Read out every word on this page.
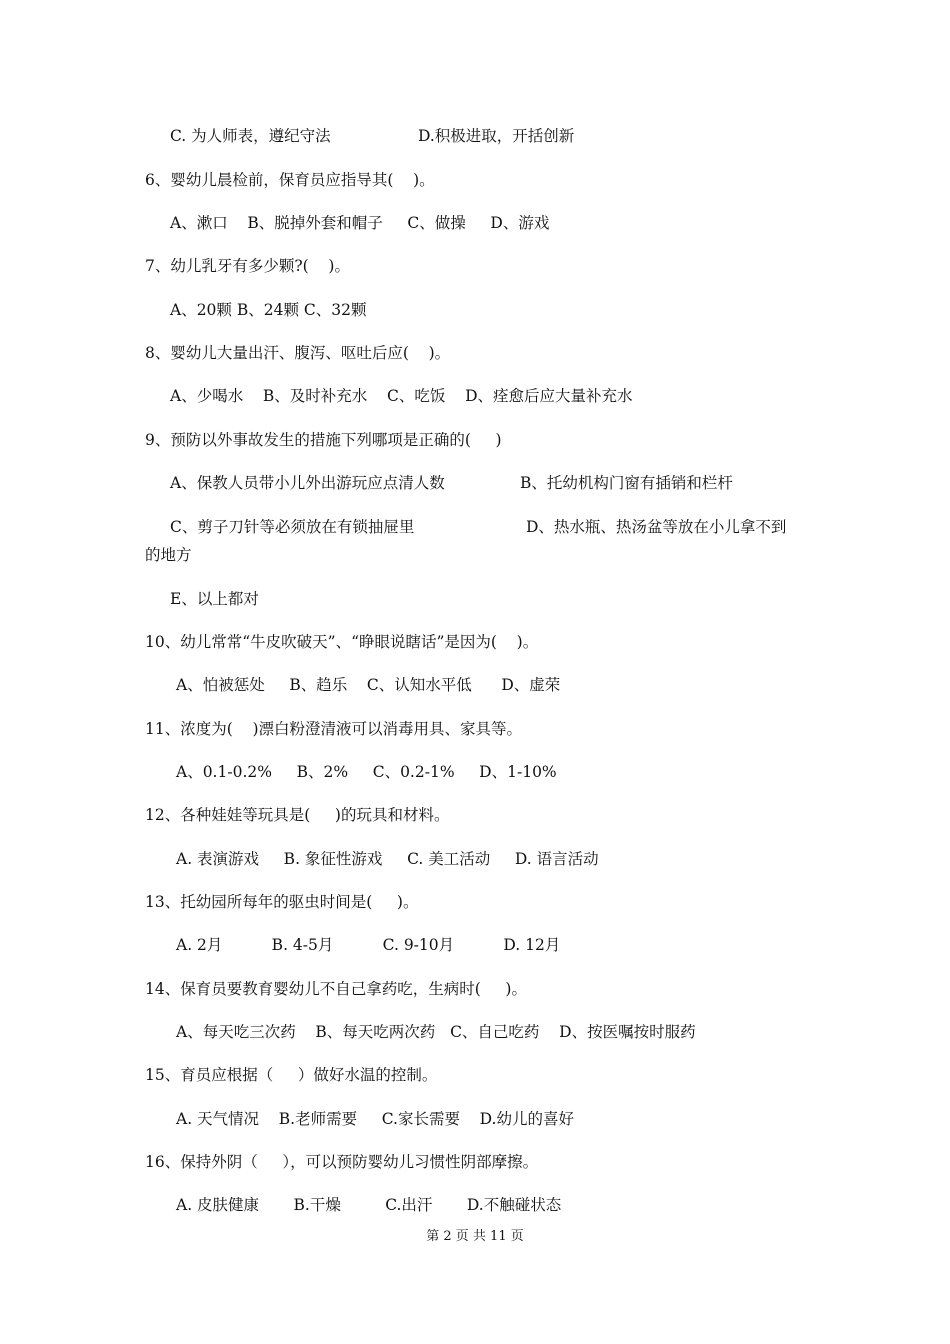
C. 为人师表，遵纪守法	D.积极进取，开括创新
6、婴幼儿晨检前，保育员应指导其(    )。
A、漱口    B、脱掉外套和帽子     C、做操     D、游戏
7、幼儿乳牙有多少颗?(    )。
A、20颗 B、24颗 C、32颗
8、婴幼儿大量出汗、腹泻、呕吐后应(    )。
A、少喝水    B、及时补充水    C、吃饭    D、痊愈后应大量补充水
9、预防以外事故发生的措施下列哪项是正确的(     )
A、保教人员带小儿外出游玩应点清人数	B、托幼机构门窗有插销和栏杆
C、剪子刀针等必须放在有锁抽屉里	D、热水瓶、热汤盆等放在小儿拿不到
的地方
E、以上都对
10、幼儿常常“牛皮吹破天”、“睁眼说瞎话”是因为(    )。
A、怕被惩处     B、趋乐    C、认知水平低      D、虚荣
11、浓度为(    )漂白粉澄清液可以消毒用具、家具等。
A、0.1-0.2%     B、2%     C、0.2-1%     D、1-10%
12、各种娃娃等玩具是(     )的玩具和材料。
A. 表演游戏     B. 象征性游戏     C. 美工活动     D. 语言活动
13、托幼园所每年的驱虫时间是(     )。
A. 2月          B. 4-5月          C. 9-10月          D. 12月
14、保育员要教育婴幼儿不自己拿药吃，生病时(     )。
A、每天吃三次药    B、每天吃两次药   C、自己吃药    D、按医嘱按时服药
15、育员应根据（     ）做好水温的控制。
A. 天气情况    B.老师需要     C.家长需要    D.幼儿的喜好
16、保持外阴（     ），可以预防婴幼儿习惯性阴部摩擦。
A. 皮肤健康       B.干燥         C.出汗       D.不触碰状态
第 2 页 共 11 页
